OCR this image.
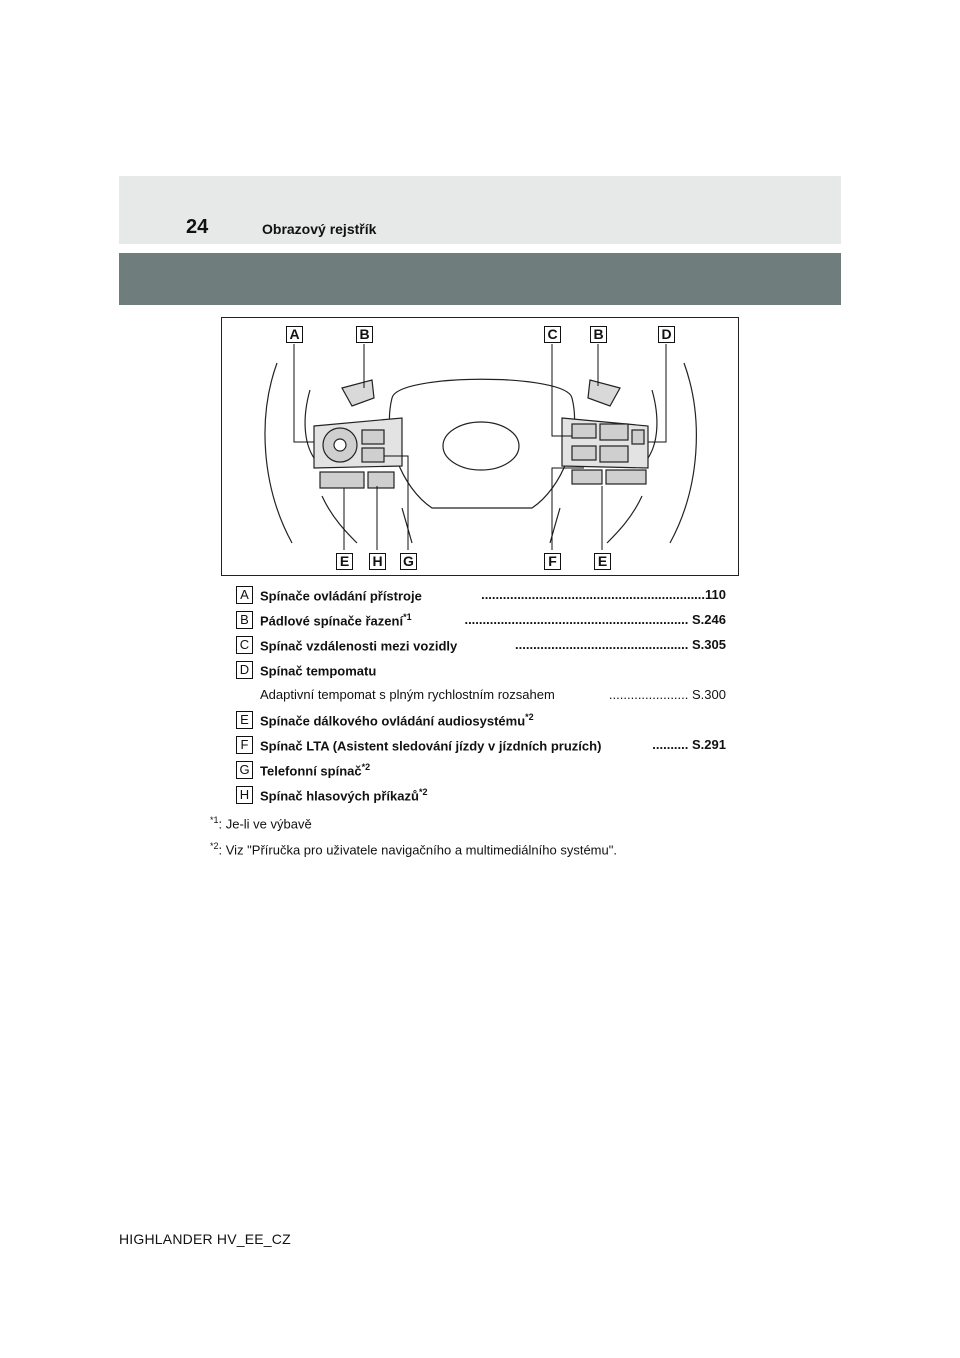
24	Obrazový rejstřík
A	B	C	B	D
E H G	F	E
A Spínače ovládání přístroje	..............................................................110
B Pádlové spínače řazení$^{*1}$	.............................................................. S.246
C Spínač vzdálenosti mezi vozidly	................................................ S.305
D Spínač tempomatu
Adaptivní tempomat s plným rychlostním rozsahem	...................... S.300
E Spínače dálkového ovládání audiosystému$^{*2}$
F Spínač LTA (Asistent sledování jízdy v jízdních pruzích)	.......... S.291
G Telefonní spínač$^{*2}$
H Spínač hlasových příkazů$^{*2}$
$^{*1}$: Je-li ve výbavě
$^{*2}$: Viz "Příručka pro uživatele navigačního a multimediálního systému".
HIGHLANDER HV_EE_CZ
